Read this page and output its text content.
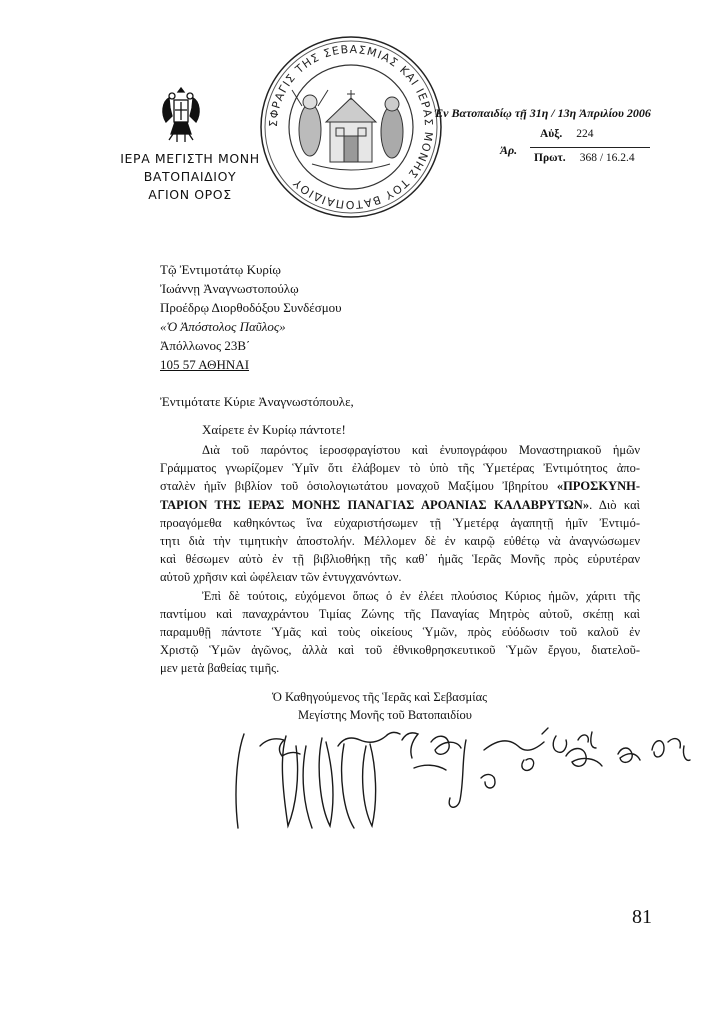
ΙΕΡΑ ΜΕΓΙΣΤΗ ΜΟΝΗ
ΒΑΤΟΠΑΙΔΙΟΥ
ΑΓΙΟΝ ΟΡΟΣ
ΣΦΡΑΓΙΣ ΤΗΣ ΣΕΒΑΣΜΙΑΣ ΚΑΙ ΙΕΡΑΣ ΜΟΝΗΣ ΤΟΥ ΒΑΤΟΠΑΙΔΙΟΥ
Ἐν Βατοπαιδίῳ τῇ 31η / 13η Ἀπριλίου 2006
Ἀρ.
Αὐξ. 224
Πρωτ. 368 / 16.2.4
Τῷ Ἐντιμοτάτῳ Κυρίῳ
Ἰωάννῃ Ἀναγνωστοπούλῳ
Προέδρῳ Διορθοδόξου Συνδέσμου
«Ὁ Ἀπόστολος Παῦλος»
Ἀπόλλωνος 23Β΄
105 57 ΑΘΗΝΑΙ
Ἐντιμότατε Κύριε Ἀναγνωστόπουλε,
Χαίρετε ἐν Κυρίῳ πάντοτε!
Διὰ τοῦ παρόντος ἱεροσφραγίστου καὶ ἐνυπογράφου Μοναστηριακοῦ ἡμῶν
Γράμματος γνωρίζομεν Ὑμῖν ὅτι ἐλάβομεν τὸ ὑπὸ τῆς Ὑμετέρας Ἐντιμότητος ἀπο-
σταλὲν ἡμῖν βιβλίον τοῦ ὁσιολογιωτάτου μοναχοῦ Μαξίμου Ἰβηρίτου «ΠΡΟΣΚΥΝΗ-
ΤΑΡΙΟΝ ΤΗΣ ΙΕΡΑΣ ΜΟΝΗΣ ΠΑΝΑΓΙΑΣ ΑΡΟΑΝΙΑΣ ΚΑΛΑΒΡΥΤΩΝ». Διὸ καὶ
προαγόμεθα καθηκόντως ἵνα εὐχαριστήσωμεν τῇ Ὑμετέρᾳ ἀγαπητῇ ἡμῖν Ἐντιμό-
τητι διὰ τὴν τιμητικὴν ἀποστολήν. Μέλλομεν δὲ ἐν καιρῷ εὐθέτῳ νὰ ἀναγνώσωμεν
καὶ θέσωμεν αὐτὸ ἐν τῇ βιβλιοθήκῃ τῆς καθ᾽ ἡμᾶς Ἱερᾶς Μονῆς πρὸς εὐρυτέραν
αὐτοῦ χρῆσιν καὶ ὠφέλειαν τῶν ἐντυγχανόντων.
Ἐπὶ δὲ τούτοις, εὐχόμενοι ὅπως ὁ ἐν ἐλέει πλούσιος Κύριος ἡμῶν, χάριτι τῆς
παντίμου καὶ παναχράντου Τιμίας Ζώνης τῆς Παναγίας Μητρὸς αὐτοῦ, σκέπῃ καὶ
παραμυθῇ πάντοτε Ὑμᾶς καὶ τοὺς οἰκείους Ὑμῶν, πρὸς εὐόδωσιν τοῦ καλοῦ ἐν
Χριστῷ Ὑμῶν ἀγῶνος, ἀλλὰ καὶ τοῦ ἐθνικοθρησκευτικοῦ Ὑμῶν ἔργου, διατελοῦ-
μεν μετὰ βαθείας τιμῆς.
Ὁ Καθηγούμενος τῆς Ἱερᾶς καὶ Σεβασμίας
Μεγίστης Μονῆς τοῦ Βατοπαιδίου
Ἐφραὶμ καὶ οἱ σὺν ἐμοὶ ἐν Χριστῷ ἀδελφοί
81
